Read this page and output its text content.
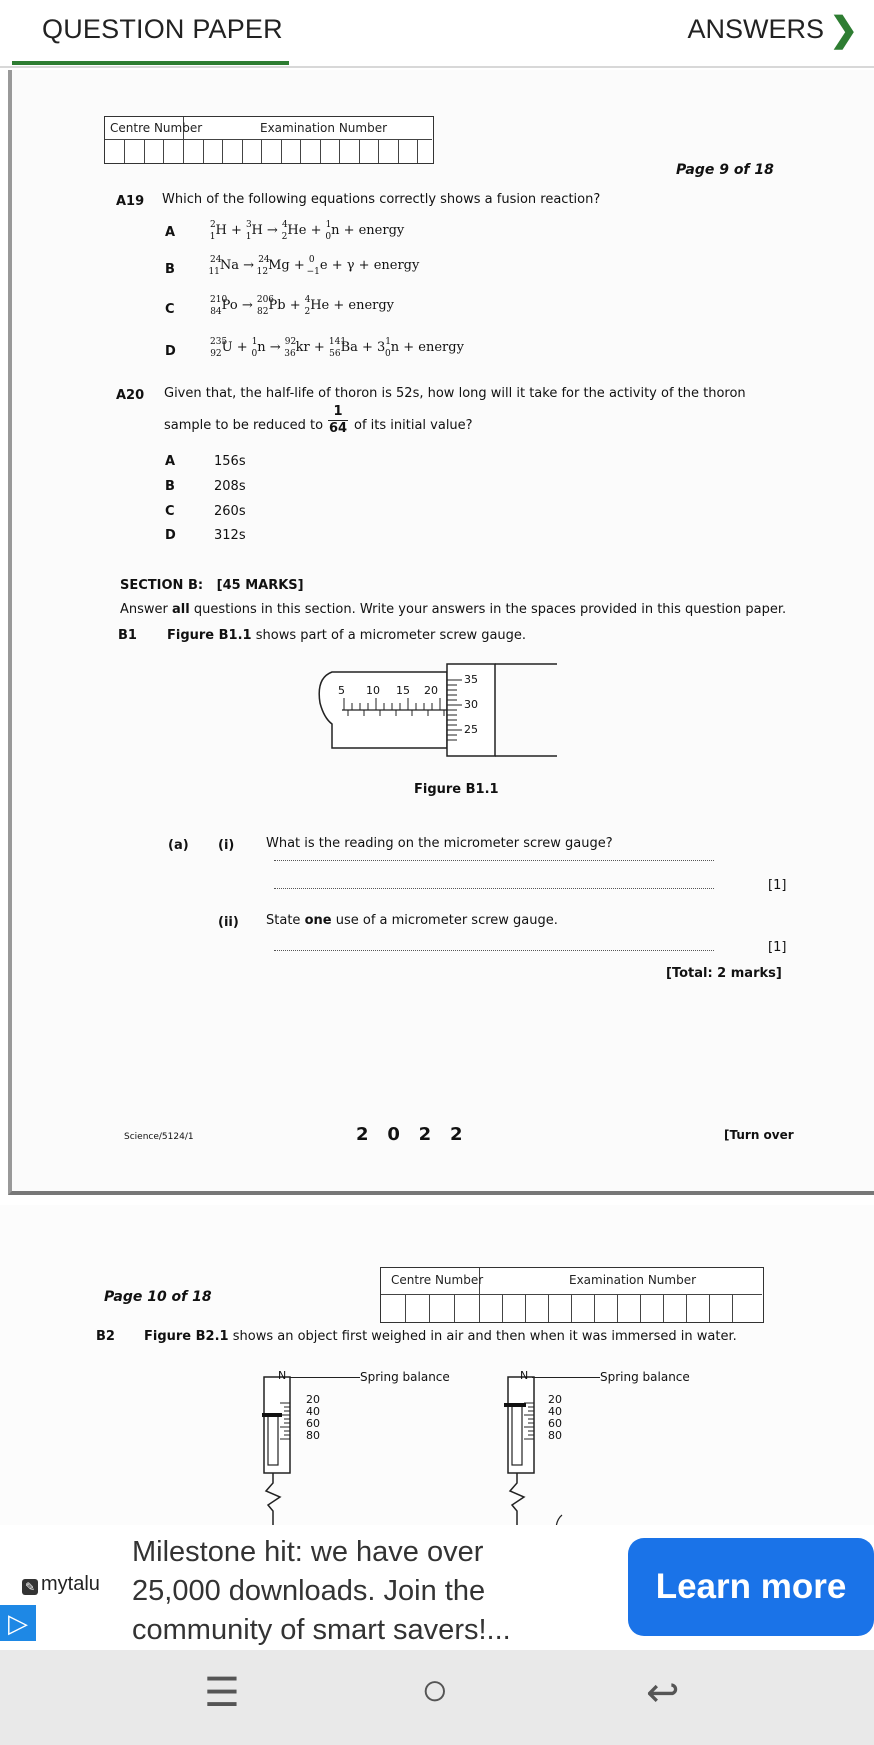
QUESTION PAPER	ANSWERS ❯
Centre Number	Examination Number
Page 9 of 18
A19 Which of the following equations correctly shows a fusion reaction?
A	$^2_1$H + $^3_1$H → $^4_2$He + $^1_0$n + energy
B
$^{24}_{11}$Na → $^{24}_{12}$Mg + $^0_{-1}$e + γ + energy
C
$^{210}_{84}$Po → $^{206}_{82}$Pb + $^4_2$He + energy
D
$^{235}_{92}U + ^1_0n \to ^{92}_{36}kr + ^{141}_{56}Ba + 3^1_0n$ + energy
A20 Given that, the half-life of thoron is 52s, how long will it take for the activity of the thoron
sample to be reduced to
1
64 of its initial value?
A	156s
B	208s
C	260s
D	312s
SECTION B: [45 MARKS]
Answer all questions in this section. Write your answers in the spaces provided in this question paper.
B1 Figure B1.1 shows part of a micrometer screw gauge.
5 10 15 20
35
30
25
Figure B1.1
(a) (i) What is the reading on the micrometer screw gauge?
[1]
(ii) State one use of a micrometer screw gauge.
[1]
[Total: 2 marks]
Science/5124/1	2   0   2   2	[Turn over
Page 10 of 18
Centre Number	Examination Number
B2 Figure B2.1 shows an object first weighed in air and then when it was immersed in water.
N
20
40
60
80
Spring balance	N
20
40
60
80
Spring balance
✎ mytalu
▷
Milestone hit: we have over 25,000 downloads. Join the community of smart savers!...
Learn more
☰	○	↩
